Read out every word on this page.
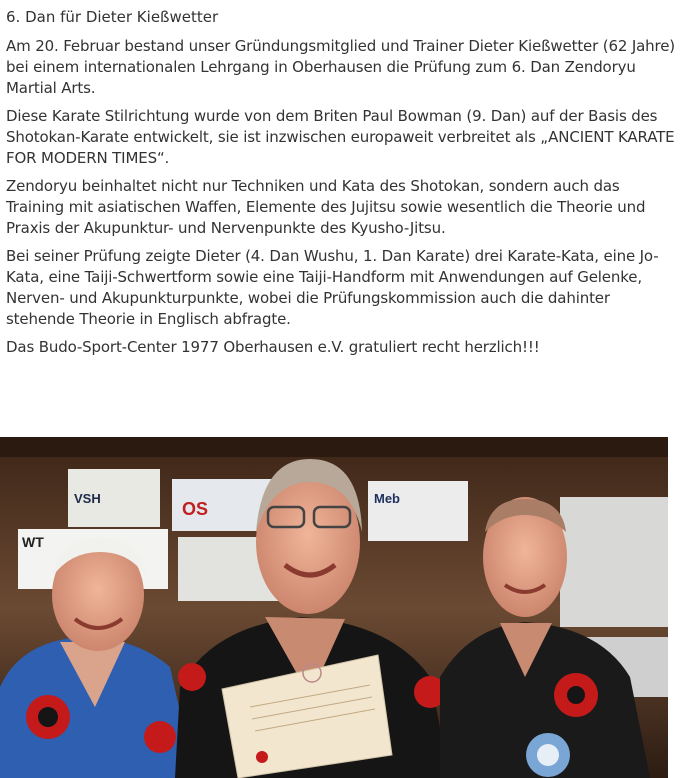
6. Dan für Dieter Kießwetter

Am 20. Februar bestand unser Gründungsmitglied und Trainer Dieter Kießwetter (62 Jahre) bei einem internationalen Lehrgang in Oberhausen die Prüfung zum 6. Dan Zendoryu Martial Arts.

Diese Karate Stilrichtung wurde von dem Briten Paul Bowman (9. Dan) auf der Basis des Shotokan-Karate entwickelt, sie ist inzwischen europaweit verbreitet als „ANCIENT KARATE FOR MODERN TIMES“.

Zendoryu beinhaltet nicht nur Techniken und Kata des Shotokan, sondern auch das Training mit asiatischen Waffen, Elemente des Jujitsu sowie wesentlich die Theorie und Praxis der Akupunktur- und Nervenpunkte des Kyusho-Jitsu.

Bei seiner Prüfung zeigte Dieter (4. Dan Wushu, 1. Dan Karate) drei Karate-Kata, eine Jo-Kata, eine Taiji-Schwertform sowie eine Taiji-Handform mit Anwendungen auf Gelenke, Nerven- und Akupunkturpunkte, wobei die Prüfungskommission auch die dahinter stehende Theorie in Englisch abfragte.

Das Budo-Sport-Center 1977 Oberhausen e.V. gratuliert recht herzlich!!!

VSH
OS
WT
Meb
